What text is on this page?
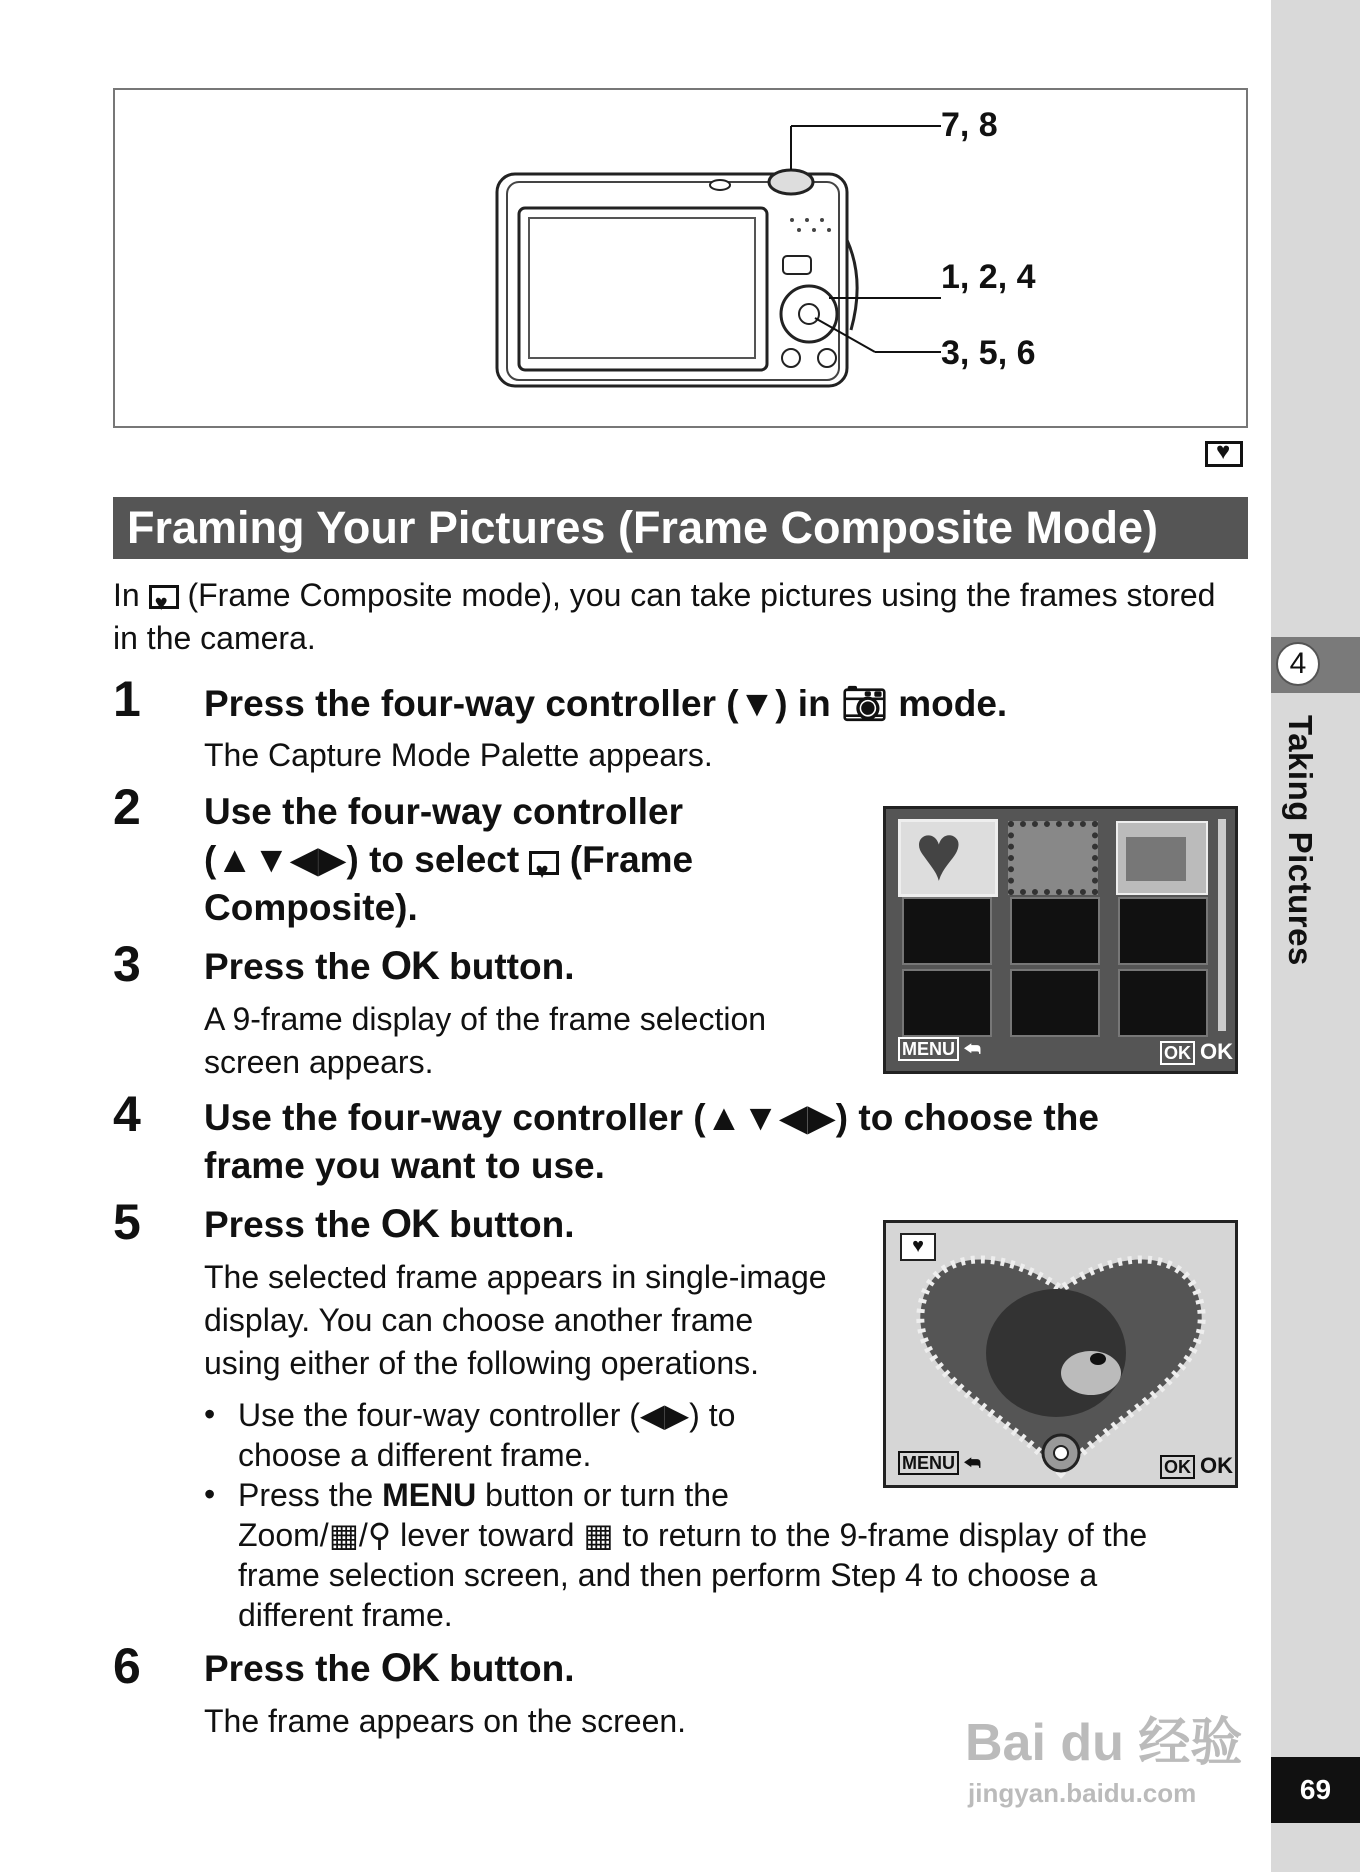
4
Taking Pictures
69
7, 8
1, 2, 4
3, 5, 6
♥
Framing Your Pictures (Frame Composite Mode)
In ♥ (Frame Composite mode), you can take pictures using the frames stored in the camera.
1 Press the four-way controller (▼) in 📷︎ mode.
The Capture Mode Palette appears.
2 Use the four-way controller
(▲▼◀▶) to select ♥ (Frame
Composite).
♥
MENU ⮪	OK OK
3 Press the OK button.
A 9-frame display of the frame selection
screen appears.
4 Use the four-way controller (▲▼◀▶) to choose the
frame you want to use.
5 Press the OK button.
The selected frame appears in single-image
display. You can choose another frame
using either of the following operations.
♥
MENU ⮪	OK OK
• Use the four-way controller (◀▶) to
choose a different frame.
• Press the MENU button or turn the
Zoom/▦/⚲ lever toward ▦ to return to the 9-frame display of the
frame selection screen, and then perform Step 4 to choose a
different frame.
6 Press the OK button.
The frame appears on the screen.	Bai du 经验
jingyan.baidu.com
